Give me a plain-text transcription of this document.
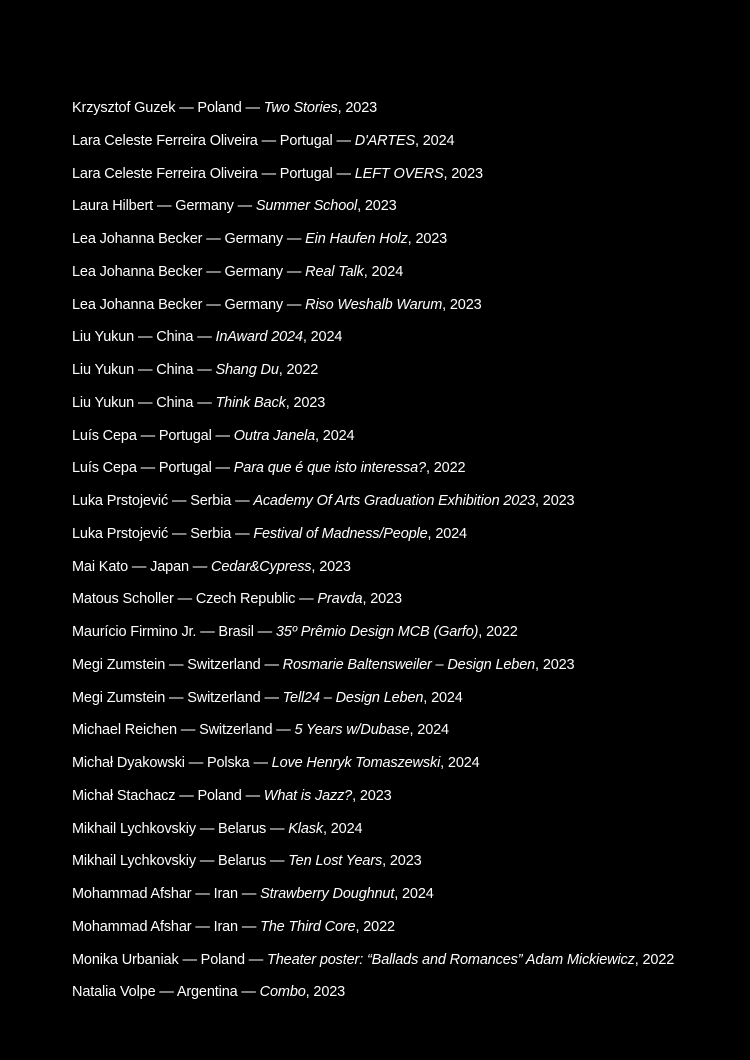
Krzysztof Guzek — Poland — Two Stories, 2023
Lara Celeste Ferreira Oliveira — Portugal — D'ARTES, 2024
Lara Celeste Ferreira Oliveira — Portugal — LEFT OVERS, 2023
Laura Hilbert — Germany — Summer School, 2023
Lea Johanna Becker — Germany — Ein Haufen Holz, 2023
Lea Johanna Becker — Germany — Real Talk, 2024
Lea Johanna Becker — Germany — Riso Weshalb Warum, 2023
Liu Yukun — China — InAward 2024, 2024
Liu Yukun — China — Shang Du, 2022
Liu Yukun — China — Think Back, 2023
Luís Cepa — Portugal — Outra Janela, 2024
Luís Cepa — Portugal — Para que é que isto interessa?, 2022
Luka Prstojević — Serbia — Academy Of Arts Graduation Exhibition 2023, 2023
Luka Prstojević — Serbia — Festival of Madness/People, 2024
Mai Kato — Japan — Cedar&Cypress, 2023
Matous Scholler — Czech Republic — Pravda, 2023
Maurício Firmino Jr. — Brasil — 35º Prêmio Design MCB (Garfo), 2022
Megi Zumstein — Switzerland — Rosmarie Baltensweiler – Design Leben, 2023
Megi Zumstein — Switzerland — Tell24 – Design Leben, 2024
Michael Reichen — Switzerland — 5 Years w/Dubase, 2024
Michał Dyakowski — Polska — Love Henryk Tomaszewski, 2024
Michał Stachacz — Poland — What is Jazz?, 2023
Mikhail Lychkovskiy — Belarus — Klask, 2024
Mikhail Lychkovskiy — Belarus — Ten Lost Years, 2023
Mohammad Afshar — Iran — Strawberry Doughnut, 2024
Mohammad Afshar — Iran — The Third Core, 2022
Monika Urbaniak — Poland — Theater poster: “Ballads and Romances” Adam Mickiewicz, 2022
Natalia Volpe — Argentina — Combo, 2023
